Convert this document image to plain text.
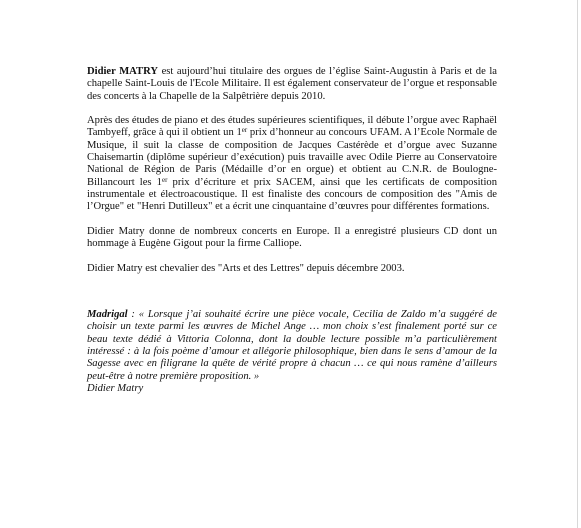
Didier MATRY est aujourd’hui titulaire des orgues de l’église Saint-Augustin à Paris et de la chapelle Saint-Louis de l'Ecole Militaire. Il est également conservateur de l’orgue et responsable des concerts à la Chapelle de la Salpêtrière depuis 2010.

Après des études de piano et des études supérieures scientifiques, il débute l’orgue avec Raphaël Tambyeff, grâce à qui il obtient un 1er prix d’honneur au concours UFAM. A l’Ecole Normale de Musique, il suit la classe de composition de Jacques Castérède et d’orgue avec Suzanne Chaisemartin (diplôme supérieur d’exécution) puis travaille avec Odile Pierre au Conservatoire National de Région de Paris (Médaille d’or en orgue) et obtient au C.N.R. de Boulogne-Billancourt les 1er prix d’écriture et prix SACEM, ainsi que les certificats de composition instrumentale et électroacoustique. Il est finaliste des concours de composition des "Amis de l’Orgue" et "Henri Dutilleux" et a écrit une cinquantaine d’œuvres pour différentes formations.

Didier Matry donne de nombreux concerts en Europe. Il a enregistré plusieurs CD dont un hommage à Eugène Gigout pour la firme Calliope.

Didier Matry est chevalier des "Arts et des Lettres" depuis décembre 2003.

Madrigal : « Lorsque j’ai souhaité écrire une pièce vocale, Cecilia de Zaldo m’a suggéré de choisir un texte parmi les œuvres de Michel Ange … mon choix s’est finalement porté sur ce beau texte dédié à Vittoria Colonna, dont la double lecture possible m’a particulièrement intéressé : à la fois poème d’amour et allégorie philosophique, bien dans le sens d’amour de la Sagesse avec en filigrane la quête de vérité propre à chacun … ce qui nous ramène d’ailleurs peut-être à notre première proposition. »
Didier Matry
